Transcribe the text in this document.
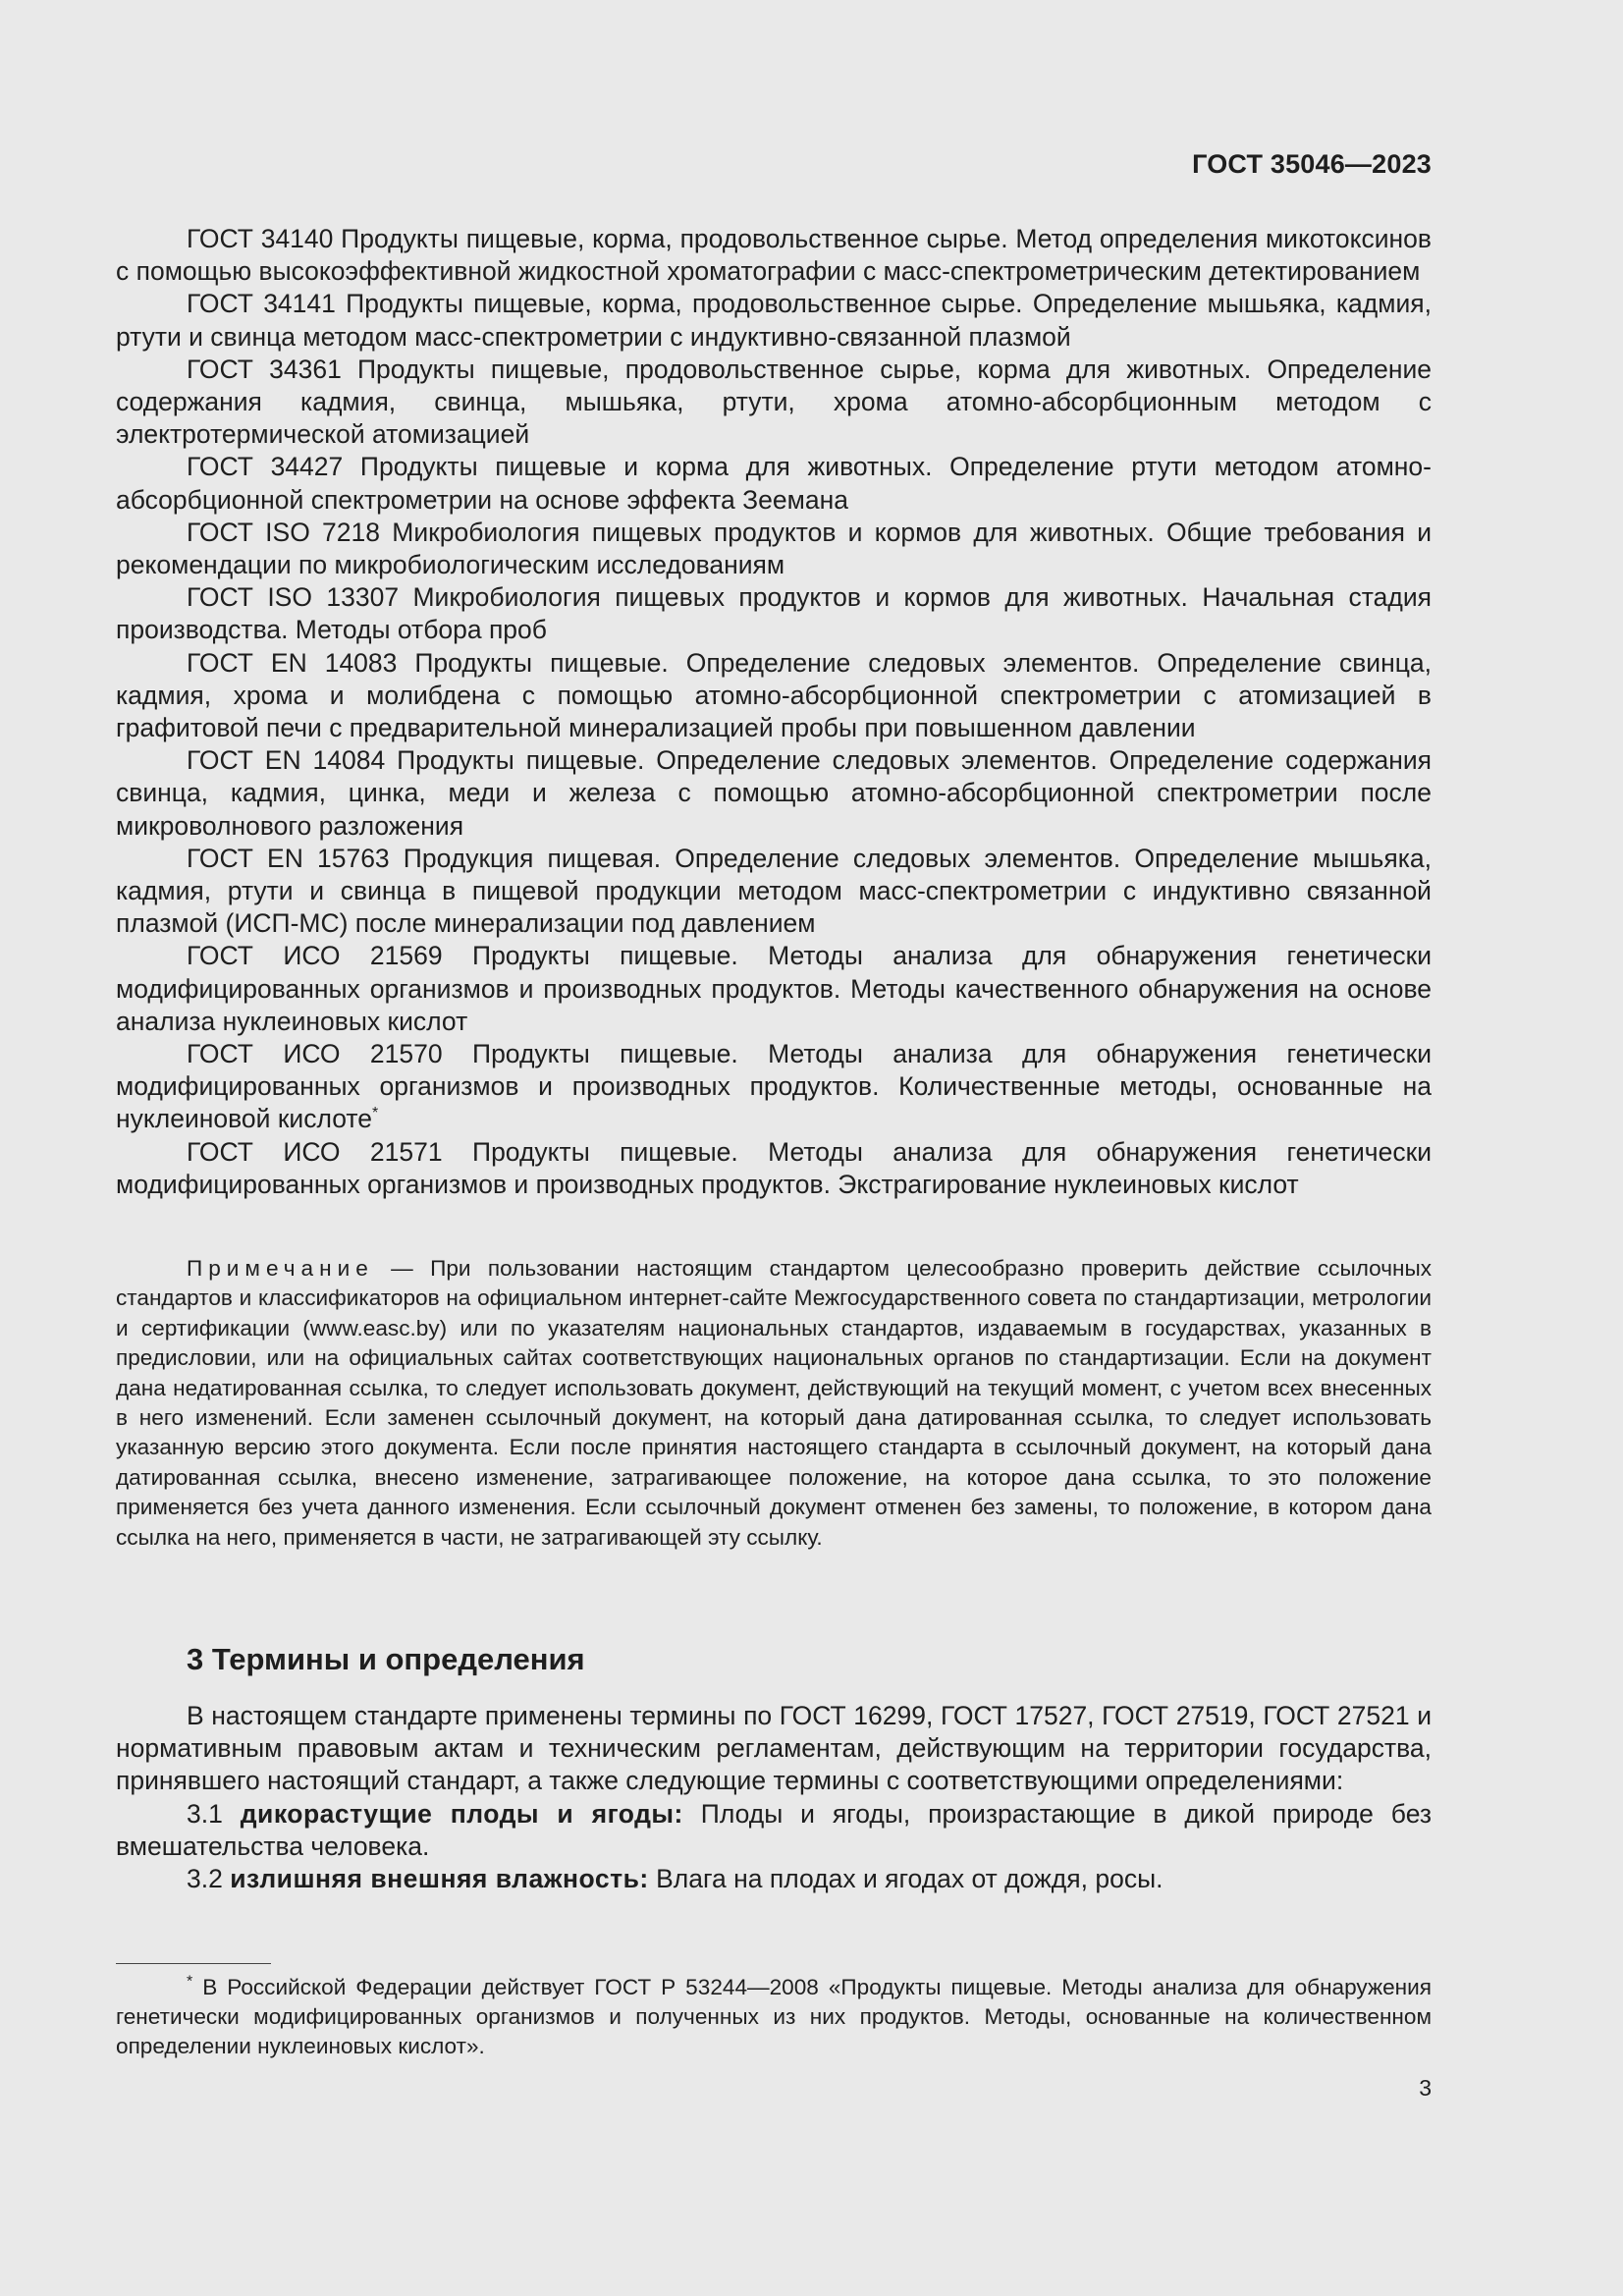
ГОСТ 35046—2023

ГОСТ 34140 Продукты пищевые, корма, продовольственное сырье. Метод определения микотоксинов с помощью высокоэффективной жидкостной хроматографии с масс-спектрометрическим детектированием

ГОСТ 34141 Продукты пищевые, корма, продовольственное сырье. Определение мышьяка, кадмия, ртути и свинца методом масс-спектрометрии с индуктивно-связанной плазмой

ГОСТ 34361 Продукты пищевые, продовольственное сырье, корма для животных. Определение содержания кадмия, свинца, мышьяка, ртути, хрома атомно-абсорбционным методом с электротермической атомизацией

ГОСТ 34427 Продукты пищевые и корма для животных. Определение ртути методом атомно-абсорбционной спектрометрии на основе эффекта Зеемана

ГОСТ ISO 7218 Микробиология пищевых продуктов и кормов для животных. Общие требования и рекомендации по микробиологическим исследованиям

ГОСТ ISO 13307 Микробиология пищевых продуктов и кормов для животных. Начальная стадия производства. Методы отбора проб

ГОСТ EN 14083 Продукты пищевые. Определение следовых элементов. Определение свинца, кадмия, хрома и молибдена с помощью атомно-абсорбционной спектрометрии с атомизацией в графитовой печи с предварительной минерализацией пробы при повышенном давлении

ГОСТ EN 14084 Продукты пищевые. Определение следовых элементов. Определение содержания свинца, кадмия, цинка, меди и железа с помощью атомно-абсорбционной спектрометрии после микроволнового разложения

ГОСТ EN 15763 Продукция пищевая. Определение следовых элементов. Определение мышьяка, кадмия, ртути и свинца в пищевой продукции методом масс-спектрометрии с индуктивно связанной плазмой (ИСП-МС) после минерализации под давлением

ГОСТ ИСО 21569 Продукты пищевые. Методы анализа для обнаружения генетически модифицированных организмов и производных продуктов. Методы качественного обнаружения на основе анализа нуклеиновых кислот

ГОСТ ИСО 21570 Продукты пищевые. Методы анализа для обнаружения генетически модифицированных организмов и производных продуктов. Количественные методы, основанные на нуклеиновой кислоте*

ГОСТ ИСО 21571 Продукты пищевые. Методы анализа для обнаружения генетически модифицированных организмов и производных продуктов. Экстрагирование нуклеиновых кислот

Примечание — При пользовании настоящим стандартом целесообразно проверить действие ссылочных стандартов и классификаторов на официальном интернет-сайте Межгосударственного совета по стандартизации, метрологии и сертификации (www.easc.by) или по указателям национальных стандартов, издаваемым в государствах, указанных в предисловии, или на официальных сайтах соответствующих национальных органов по стандартизации. Если на документ дана недатированная ссылка, то следует использовать документ, действующий на текущий момент, с учетом всех внесенных в него изменений. Если заменен ссылочный документ, на который дана датированная ссылка, то следует использовать указанную версию этого документа. Если после принятия настоящего стандарта в ссылочный документ, на который дана датированная ссылка, внесено изменение, затрагивающее положение, на которое дана ссылка, то это положение применяется без учета данного изменения. Если ссылочный документ отменен без замены, то положение, в котором дана ссылка на него, применяется в части, не затрагивающей эту ссылку.

3 Термины и определения

В настоящем стандарте применены термины по ГОСТ 16299, ГОСТ 17527, ГОСТ 27519, ГОСТ 27521 и нормативным правовым актам и техническим регламентам, действующим на территории государства, принявшего настоящий стандарт, а также следующие термины с соответствующими определениями:

3.1 дикорастущие плоды и ягоды: Плоды и ягоды, произрастающие в дикой природе без вмешательства человека.

3.2 излишняя внешняя влажность: Влага на плодах и ягодах от дождя, росы.

* В Российской Федерации действует ГОСТ Р 53244—2008 «Продукты пищевые. Методы анализа для обнаружения генетически модифицированных организмов и полученных из них продуктов. Методы, основанные на количественном определении нуклеиновых кислот».

3
